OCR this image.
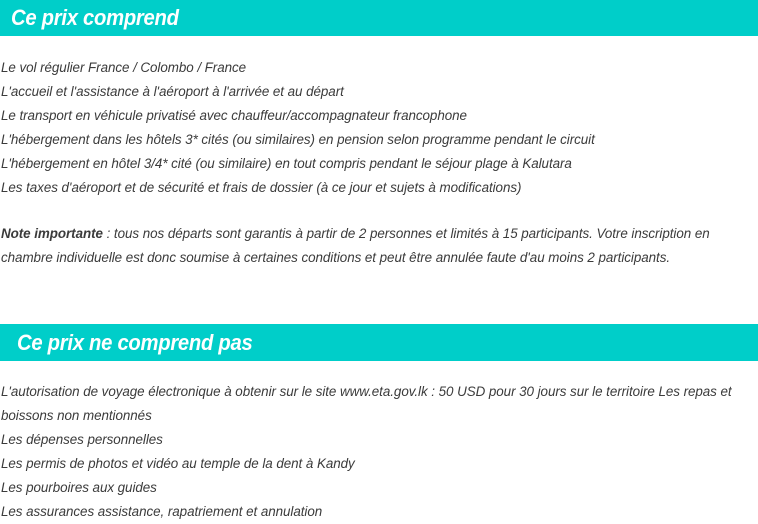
Ce prix comprend
Le vol régulier France / Colombo / France
L'accueil et l'assistance à l'aéroport à l'arrivée et au départ
Le transport en véhicule privatisé avec chauffeur/accompagnateur francophone
L'hébergement dans les hôtels 3* cités (ou similaires) en pension selon programme pendant le circuit
L'hébergement en hôtel 3/4* cité (ou similaire) en tout compris pendant le séjour plage à Kalutara
Les taxes d'aéroport et de sécurité et frais de dossier (à ce jour et sujets à modifications)

Note importante : tous nos départs sont garantis à partir de 2 personnes et limités à 15 participants. Votre inscription en chambre individuelle est donc soumise à certaines conditions et peut être annulée faute d'au moins 2 participants.

Ce prix ne comprend pas
L'autorisation de voyage électronique à obtenir sur le site www.eta.gov.lk : 50 USD pour 30 jours sur le territoire Les repas et boissons non mentionnés
Les dépenses personnelles
Les permis de photos et vidéo au temple de la dent à Kandy
Les pourboires aux guides
Les assurances assistance, rapatriement et annulation
